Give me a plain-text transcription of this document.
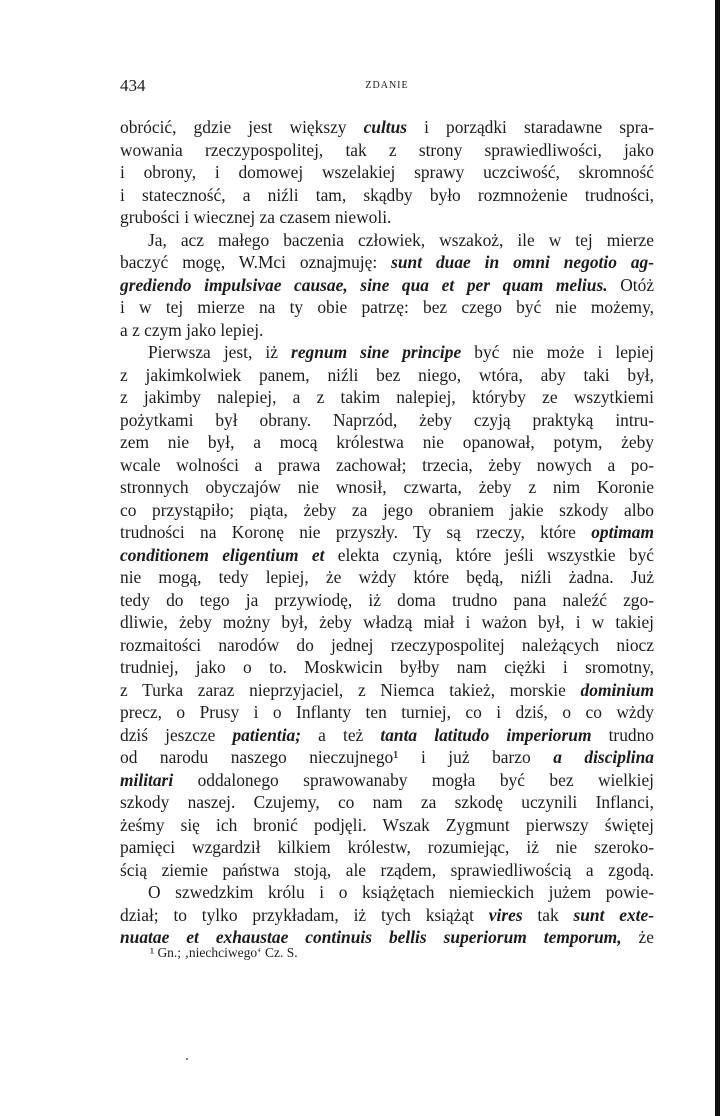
434	ZDANIE
obrócić, gdzie jest większy cultus i porządki staradawne spra-
wowania rzeczypospolitej, tak z strony sprawiedliwości, jako
i obrony, i domowej wszelakiej sprawy uczciwość, skromność
i stateczność, a niźli tam, skądby było rozmnożenie trudności,
grubości i wiecznej za czasem niewoli.
Ja, acz małego baczenia człowiek, wszakoż, ile w tej mierze
baczyć mogę, W.Mci oznajmuję: sunt duae in omni negotio ag-
grediendo impulsivae causae, sine qua et per quam melius. Otóż
i w tej mierze na ty obie patrzę: bez czego być nie możemy,
a z czym jako lepiej.
Pierwsza jest, iż regnum sine principe być nie może i lepiej
z jakimkolwiek panem, niźli bez niego, wtóra, aby taki był,
z jakimby nalepiej, a z takim nalepiej, któryby ze wszytkiemi
pożytkami był obrany. Naprzód, żeby czyją praktyką intru-
zem nie był, a mocą królestwa nie opanował, potym, żeby
wcale wolności a prawa zachował; trzecia, żeby nowych a po-
stronnych obyczajów nie wnosił, czwarta, żeby z nim Koronie
co przystąpiło; piąta, żeby za jego obraniem jakie szkody albo
trudności na Koronę nie przyszły. Ty są rzeczy, które optimam
conditionem eligentium et elekta czynią, które jeśli wszystkie być
nie mogą, tedy lepiej, że wżdy które będą, niźli żadna. Już
tedy do tego ja przywiodę, iż doma trudno pana naleźć zgo-
dliwie, żeby możny był, żeby władzą miał i ważon był, i w takiej
rozmaitości narodów do jednej rzeczypospolitej należących niocz
trudniej, jako o to. Moskwicin byłby nam ciężki i sromotny,
z Turka zaraz nieprzyjaciel, z Niemca takież, morskie dominium
precz, o Prusy i o Inflanty ten turniej, co i dziś, o co wżdy
dziś jeszcze patientia; a też tanta latitudo imperiorum trudno
od narodu naszego nieczujnego¹ i już barzo a disciplina
militari oddalonego sprawowanaby mogła być bez wielkiej
szkody naszej. Czujemy, co nam za szkodę uczynili Inflanci,
żeśmy się ich bronić podjęli. Wszak Zygmunt pierwszy świętej
pamięci wzgardził kilkiem królestw, rozumiejąc, iż nie szeroko-
ścią ziemie państwa stoją, ale rządem, sprawiedliwością a zgodą.
O szwedzkim królu i o książętach niemieckich jużem powie-
dział; to tylko przykładam, iż tych książąt vires tak sunt exte-
nuatae et exhaustae continuis bellis superiorum temporum, że
¹ Gn.; ‚niechciwego‘ Cz. S.
